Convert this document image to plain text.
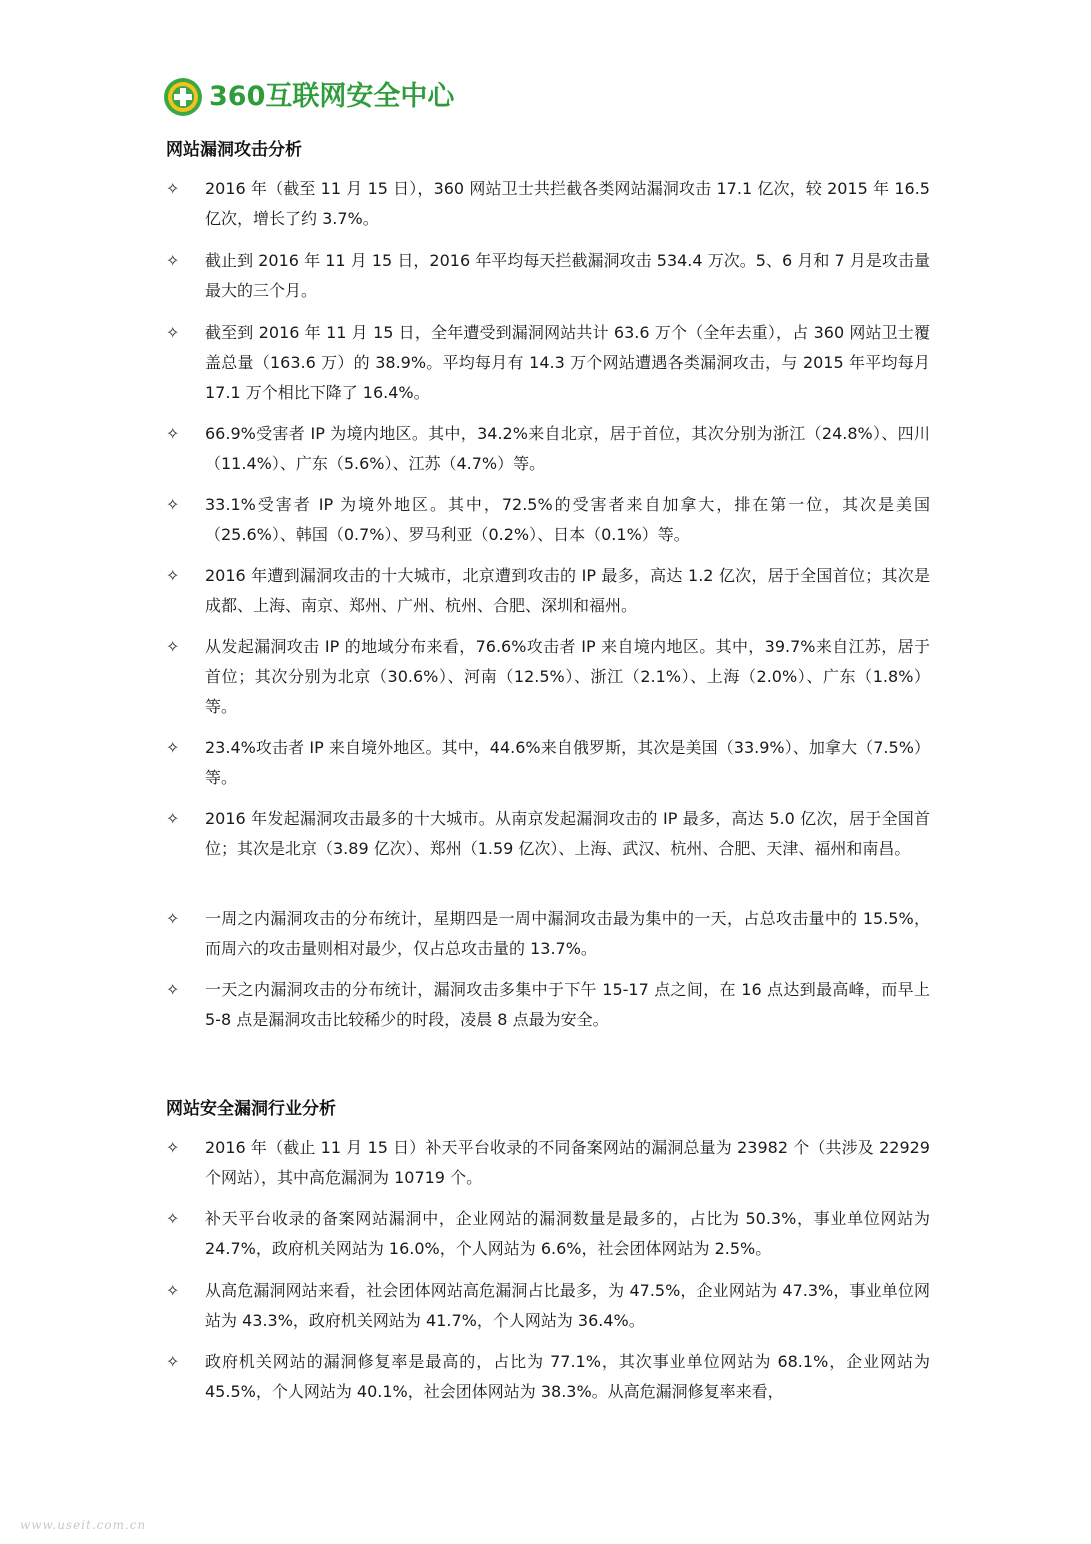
360互联网安全中心
网站漏洞攻击分析
✧	2016 年（截至 11 月 15 日），360 网站卫士共拦截各类网站漏洞攻击 17.1 亿次，较 2015 年 16.5 亿次，增长了约 3.7%。
✧	截止到 2016 年 11 月 15 日，2016 年平均每天拦截漏洞攻击 534.4 万次。5、6 月和 7 月是攻击量最大的三个月。
✧	截至到 2016 年 11 月 15 日，全年遭受到漏洞网站共计 63.6 万个（全年去重），占 360 网站卫士覆盖总量（163.6 万）的 38.9%。平均每月有 14.3 万个网站遭遇各类漏洞攻击，与 2015 年平均每月 17.1 万个相比下降了 16.4%。
✧	66.9%受害者 IP 为境内地区。其中，34.2%来自北京，居于首位，其次分别为浙江（24.8%）、四川（11.4%）、广东（5.6%）、江苏（4.7%）等。
✧	33.1%受害者 IP 为境外地区。其中，72.5%的受害者来自加拿大，排在第一位，其次是美国（25.6%）、韩国（0.7%）、罗马利亚（0.2%）、日本（0.1%）等。
✧	2016 年遭到漏洞攻击的十大城市，北京遭到攻击的 IP 最多，高达 1.2 亿次，居于全国首位；其次是成都、上海、南京、郑州、广州、杭州、合肥、深圳和福州。
✧	从发起漏洞攻击 IP 的地域分布来看，76.6%攻击者 IP 来自境内地区。其中，39.7%来自江苏，居于首位；其次分别为北京（30.6%）、河南（12.5%）、浙江（2.1%）、上海（2.0%）、广东（1.8%）等。
✧	23.4%攻击者 IP 来自境外地区。其中，44.6%来自俄罗斯，其次是美国（33.9%）、加拿大（7.5%）等。
✧	2016 年发起漏洞攻击最多的十大城市。从南京发起漏洞攻击的 IP 最多，高达 5.0 亿次，居于全国首位；其次是北京（3.89 亿次）、郑州（1.59 亿次）、上海、武汉、杭州、合肥、天津、福州和南昌。
✧	一周之内漏洞攻击的分布统计，星期四是一周中漏洞攻击最为集中的一天，占总攻击量中的 15.5%，而周六的攻击量则相对最少，仅占总攻击量的 13.7%。
✧	一天之内漏洞攻击的分布统计，漏洞攻击多集中于下午 15-17 点之间，在 16 点达到最高峰，而早上 5-8 点是漏洞攻击比较稀少的时段，凌晨 8 点最为安全。
网站安全漏洞行业分析
✧	2016 年（截止 11 月 15 日）补天平台收录的不同备案网站的漏洞总量为 23982 个（共涉及 22929 个网站），其中高危漏洞为 10719 个。
✧	补天平台收录的备案网站漏洞中，企业网站的漏洞数量是最多的，占比为 50.3%，事业单位网站为 24.7%，政府机关网站为 16.0%，个人网站为 6.6%，社会团体网站为 2.5%。
✧	从高危漏洞网站来看，社会团体网站高危漏洞占比最多，为 47.5%，企业网站为 47.3%，事业单位网站为 43.3%，政府机关网站为 41.7%，个人网站为 36.4%。
✧	政府机关网站的漏洞修复率是最高的，占比为 77.1%，其次事业单位网站为 68.1%，企业网站为 45.5%，个人网站为 40.1%，社会团体网站为 38.3%。从高危漏洞修复率来看，
www.useit.com.cn
